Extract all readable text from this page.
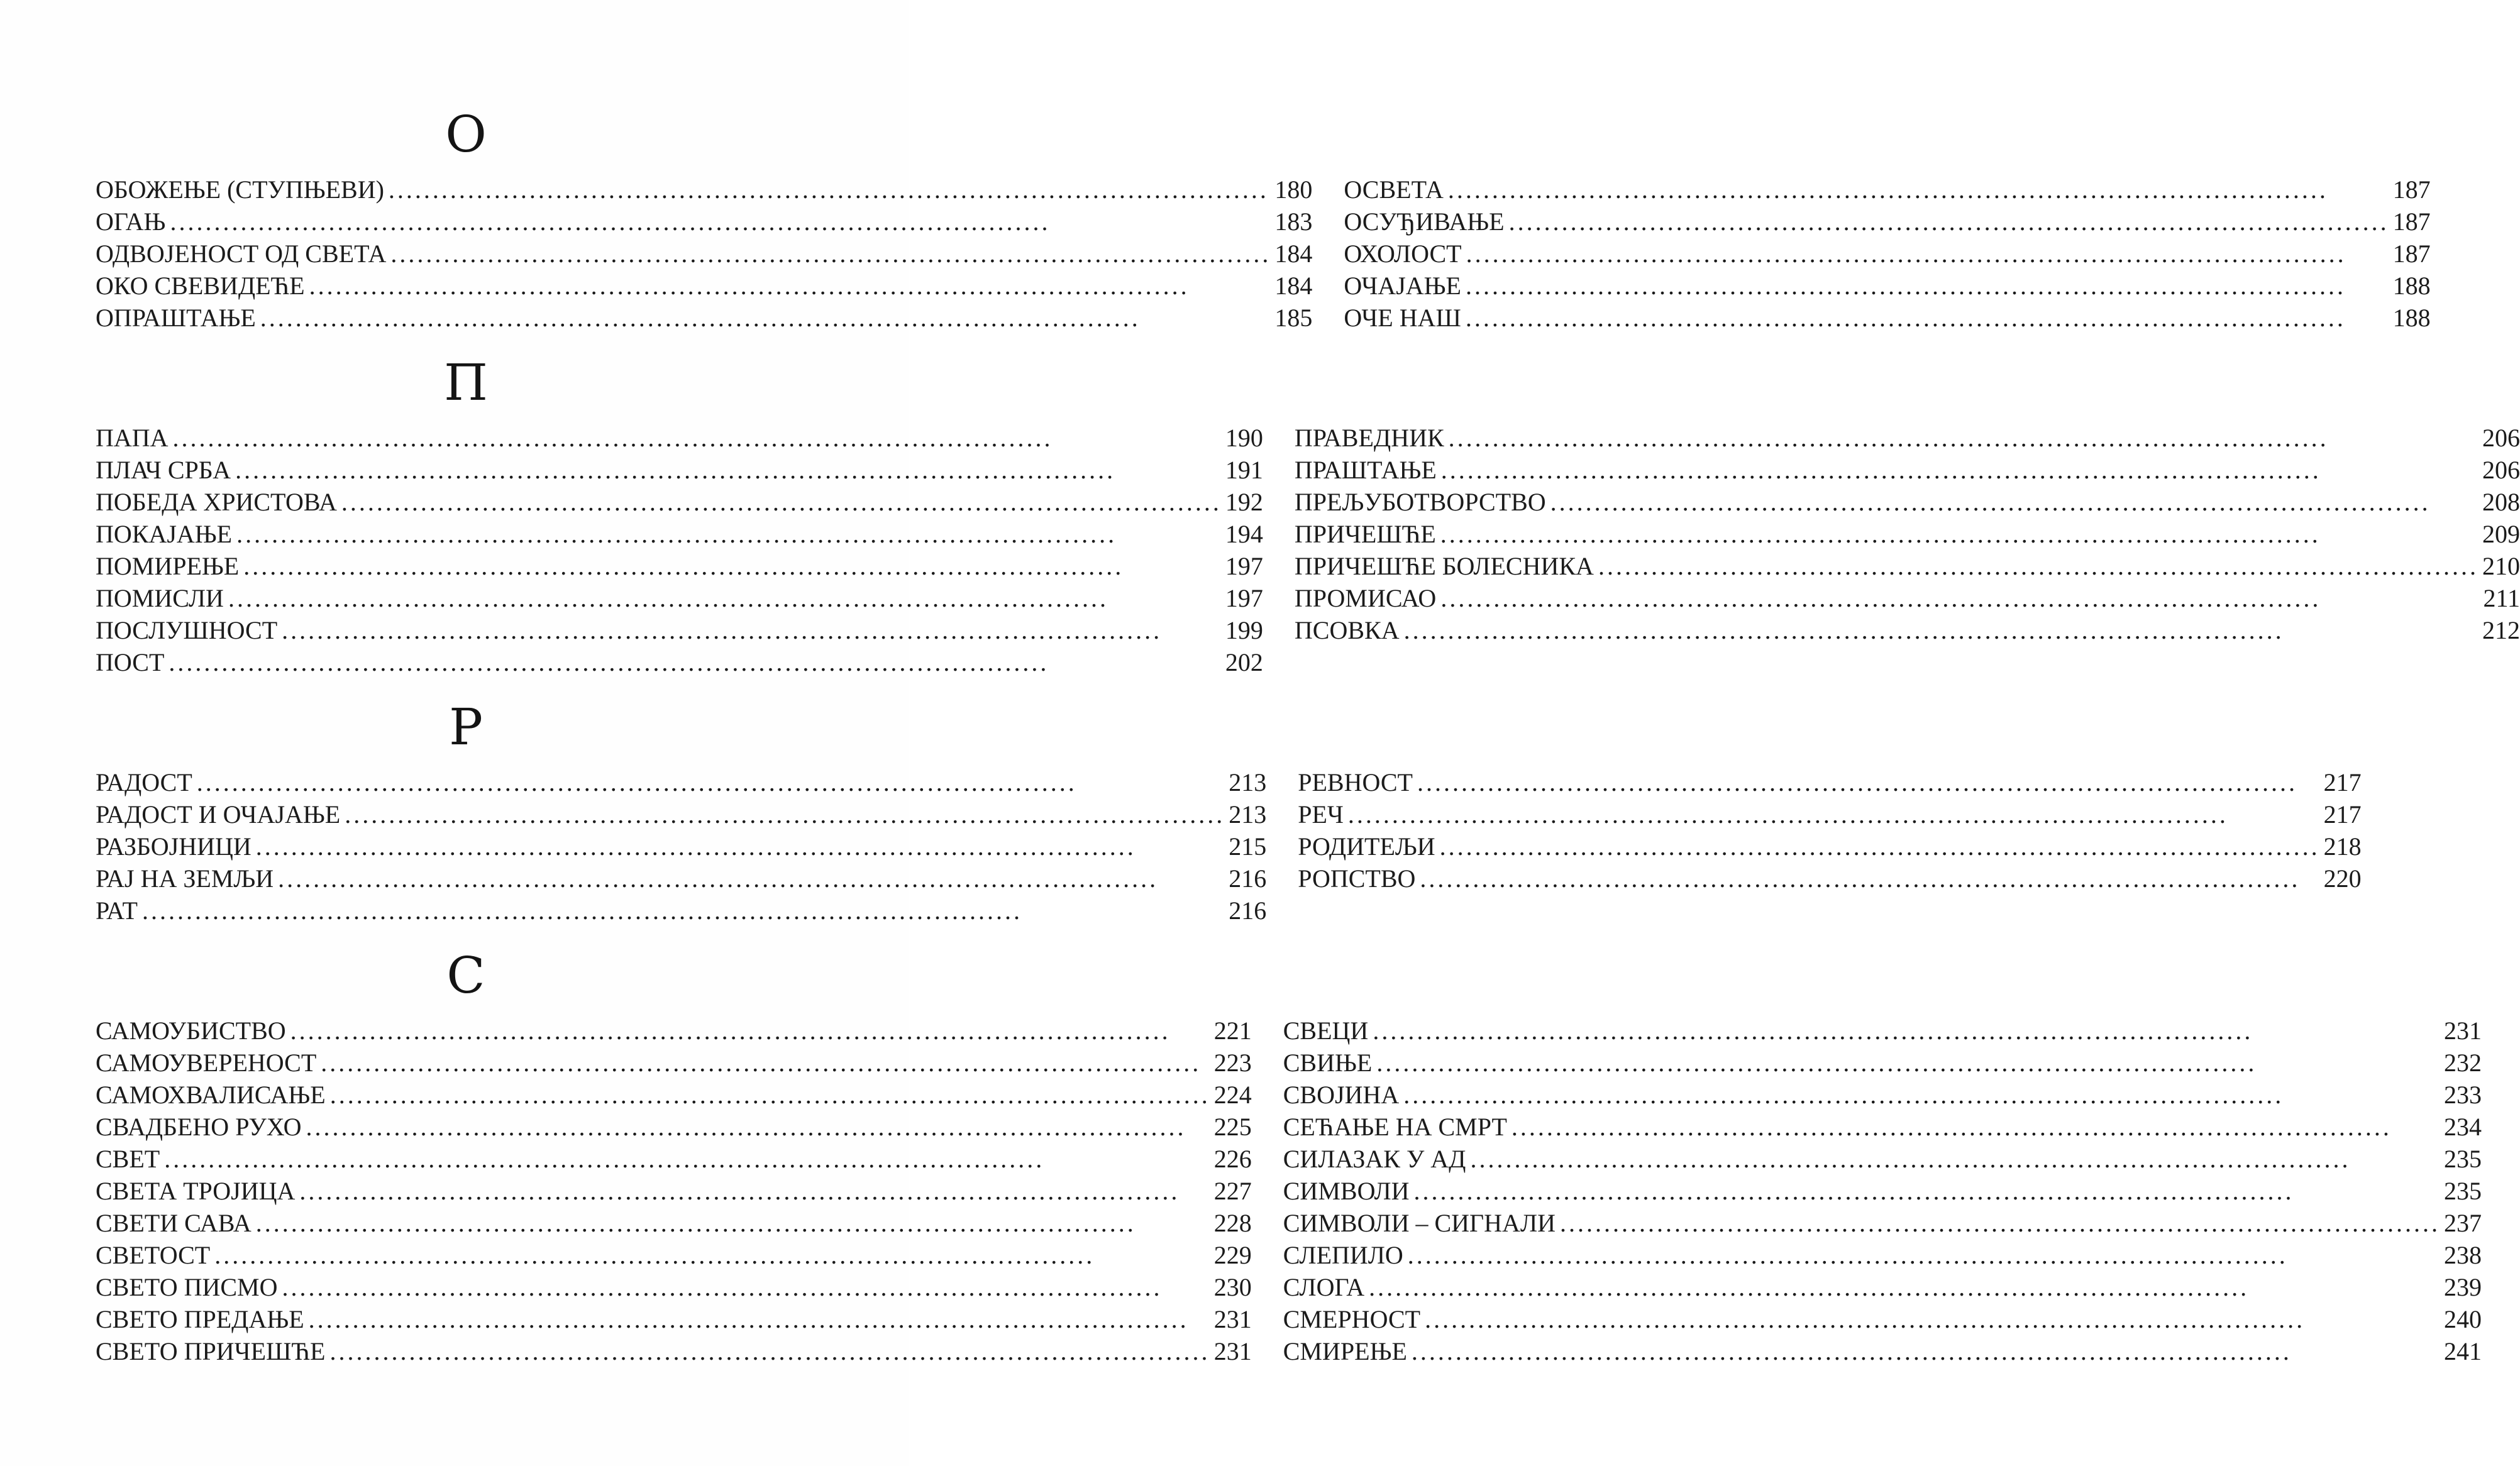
О
ОБОЖЕЊЕ (СТУПЊЕВИ) .....	180
ОГАЊ .....	183
ОДВОЈЕНОСТ ОД СВЕТА .....	184
ОКО СВЕВИДЕЋЕ .....	184
ОПРАШТАЊЕ .....	185
ОСВЕТА .....	187
ОСУЂИВАЊЕ .....	187
ОХОЛОСТ .....	187
ОЧАЈАЊЕ .....	188
ОЧЕ НАШ .....	188
П
ПАПА .....	190
ПЛАЧ СРБА .....	191
ПОБЕДА ХРИСТОВА .....	192
ПОКАЈАЊЕ .....	194
ПОМИРЕЊЕ .....	197
ПОМИСЛИ .....	197
ПОСЛУШНОСТ .....	199
ПОСТ .....	202
ПРАВЕДНИК .....	206
ПРАШТАЊЕ .....	206
ПРЕЉУБОТВОРСТВО .....	208
ПРИЧЕШЋЕ .....	209
ПРИЧЕШЋЕ БОЛЕСНИКА .....	210
ПРОМИСАО .....	211
ПСОВКА .....	212
Р
РАДОСТ .....	213
РАДОСТ И ОЧАЈАЊЕ .....	213
РАЗБОЈНИЦИ .....	215
РАЈ НА ЗЕМЉИ .....	216
РАТ .....	216
РЕВНОСТ .....	217
РЕЧ .....	217
РОДИТЕЉИ .....	218
РОПСТВО .....	220
С
САМОУБИСТВО .....	221
САМОУВЕРЕНОСТ .....	223
САМОХВАЛИСАЊЕ .....	224
СВАДБЕНО РУХО .....	225
СВЕТ .....	226
СВЕТА ТРОЈИЦА .....	227
СВЕТИ САВА .....	228
СВЕТОСТ .....	229
СВЕТО ПИСМО .....	230
СВЕТО ПРЕДАЊЕ .....	231
СВЕТО ПРИЧЕШЋЕ .....	231
СВЕЦИ .....	231
СВИЊЕ .....	232
СВОЈИНА .....	233
СЕЋАЊЕ НА СМРТ .....	234
СИЛАЗАК У АД .....	235
СИМВОЛИ .....	235
СИМВОЛИ – СИГНАЛИ .....	237
СЛЕПИЛО .....	238
СЛОГА .....	239
СМЕРНОСТ .....	240
СМИРЕЊЕ .....	241
